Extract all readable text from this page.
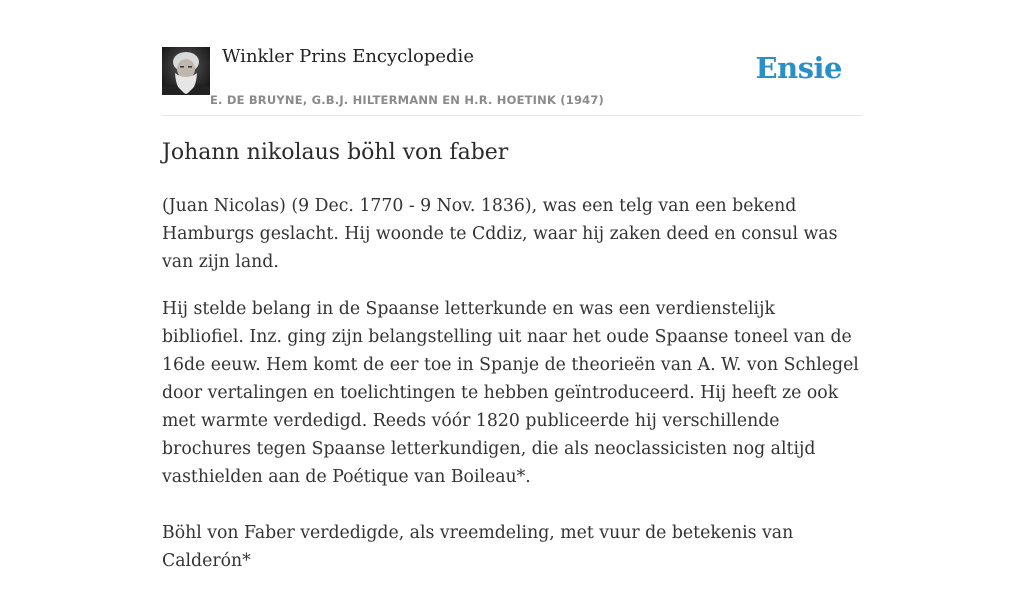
Winkler Prins Encyclopedie
E. DE BRUYNE, G.B.J. HILTERMANN EN H.R. HOETINK (1947)
Ensie
Johann nikolaus böhl von faber

(Juan Nicolas) (9 Dec. 1770 - 9 Nov. 1836), was een telg van een bekend Hamburgs geslacht. Hij woonde te Cddiz, waar hij zaken deed en consul was van zijn land.

Hij stelde belang in de Spaanse letterkunde en was een verdienstelijk bibliofiel. Inz. ging zijn belangstelling uit naar het oude Spaanse toneel van de 16de eeuw. Hem komt de eer toe in Spanje de theorieën van A. W. von Schlegel door vertalingen en toelichtingen te hebben geïntroduceerd. Hij heeft ze ook met warmte verdedigd. Reeds vóór 1820 publiceerde hij verschillende brochures tegen Spaanse letterkundigen, die als neoclassicisten nog altijd vasthielden aan de Poétique van Boileau*.

Böhl von Faber verdedigde, als vreemdeling, met vuur de betekenis van Calderón*
